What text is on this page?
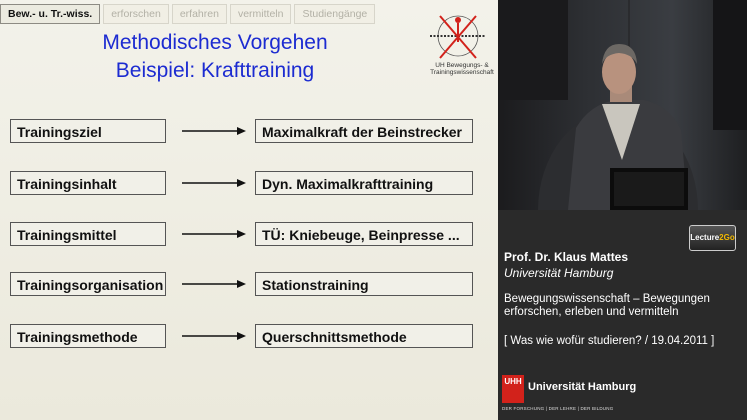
Bew.- u. Tr.-wiss.	erforschen	erfahren	vermitteln	Studiengänge
Methodisches Vorgehen
Beispiel: Krafttraining	UH Bewegungs- &
Trainingswissenschaft
Trainingsziel	Maximalkraft der Beinstrecker
Trainingsinhalt	Dyn. Maximalkrafttraining
Trainingsmittel	TÜ: Kniebeuge, Beinpresse ...
Trainingsorganisation	Stationstraining
Trainingsmethode	Querschnittsmethode
Lecture2Go
Prof. Dr. Klaus Mattes
Universität Hamburg
Bewegungswissenschaft – Bewegungen
erforschen, erleben und vermitteln
[ Was wie wofür studieren? / 19.04.2011 ]
UHH Universität Hamburg
DER FORSCHUNG | DER LEHRE | DER BILDUNG
